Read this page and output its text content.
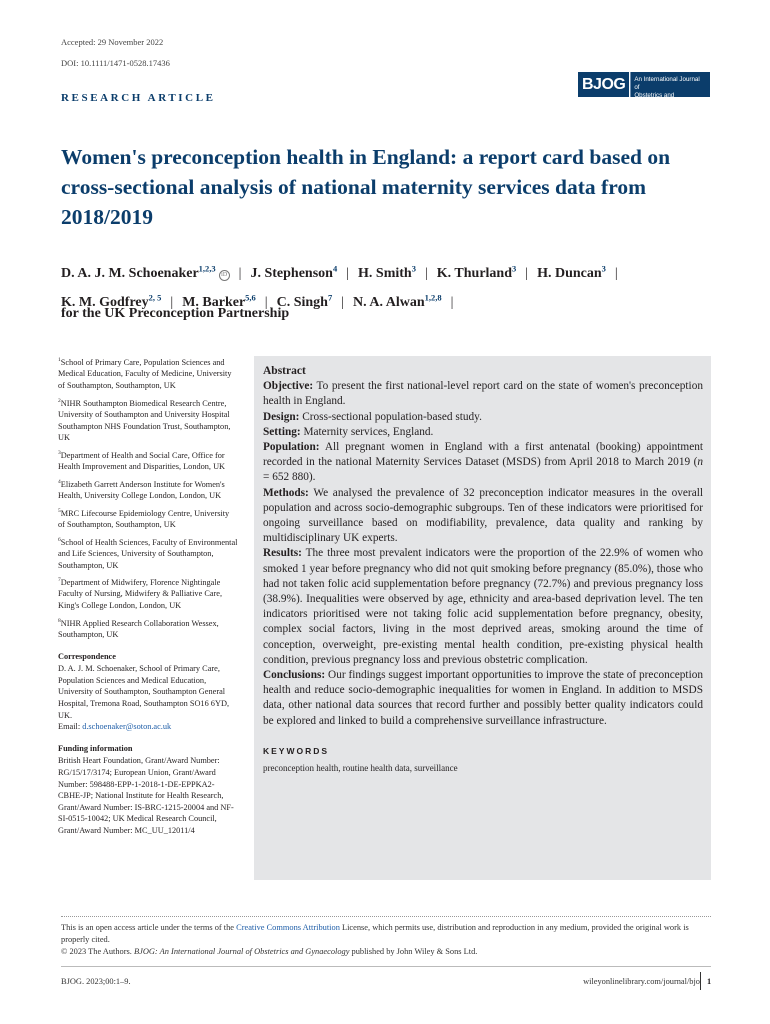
Accepted: 29 November 2022
DOI: 10.1111/1471-0528.17436
BJOG	An International Journal of
Obstetrics and Gynaecology
RESEARCH ARTICLE
Women's preconception health in England: a report card based on cross-sectional analysis of national maternity services data from 2018/2019
D. A. J. M. Schoenaker$^{1,2,3}$iD | J. Stephenson$^4$ | H. Smith$^3$ | K. Thurland$^3$ | H. Duncan$^3$ |
K. M. Godfrey$^{2, 5}$ | M. Barker$^{5,6}$ | C. Singh$^7$ | N. A. Alwan$^{1,2,8}$ |
for the UK Preconception Partnership

$^1$School of Primary Care, Population Sciences and Medical Education, Faculty of Medicine, University of Southampton, Southampton, UK

$^2$NIHR Southampton Biomedical Research Centre, University of Southampton and University Hospital Southampton NHS Foundation Trust, Southampton, UK

$^3$Department of Health and Social Care, Office for Health Improvement and Disparities, London, UK

$^4$Elizabeth Garrett Anderson Institute for Women's Health, University College London, London, UK

$^5$MRC Lifecourse Epidemiology Centre, University of Southampton, Southampton, UK

$^6$School of Health Sciences, Faculty of Environmental and Life Sciences, University of Southampton, Southampton, UK

$^7$Department of Midwifery, Florence Nightingale Faculty of Nursing, Midwifery & Palliative Care, King's College London, London, UK

$^8$NIHR Applied Research Collaboration Wessex, Southampton, UK

Correspondence

D. A. J. M. Schoenaker, School of Primary Care, Population Sciences and Medical Education, University of Southampton, Southampton General Hospital, Tremona Road, Southampton SO16 6YD, UK.

Email: d.schoenaker@soton.ac.uk

Funding information

British Heart Foundation, Grant/Award Number: RG/15/17/3174; European Union, Grant/Award Number: 598488-EPP-1-2018-1-DE-EPPKA2-CBHE-JP; National Institute for Health Research, Grant/Award Number: IS-BRC-1215-20004 and NF-SI-0515-10042; UK Medical Research Council, Grant/Award Number: MC_UU_12011/4

Abstract

Objective: To present the first national-level report card on the state of women's preconception health in England.

Design: Cross-sectional population-based study.

Setting: Maternity services, England.

Population: All pregnant women in England with a first antenatal (booking) appointment recorded in the national Maternity Services Dataset (MSDS) from April 2018 to March 2019 (n = 652 880).

Methods: We analysed the prevalence of 32 preconception indicator measures in the overall population and across socio-demographic subgroups. Ten of these indicators were prioritised for ongoing surveillance based on modifiability, prevalence, data quality and ranking by multidisciplinary UK experts.

Results: The three most prevalent indicators were the proportion of the 22.9% of women who smoked 1 year before pregnancy who did not quit smoking before pregnancy (85.0%), those who had not taken folic acid supplementation before pregnancy (72.7%) and previous pregnancy loss (38.9%). Inequalities were observed by age, ethnicity and area-based deprivation level. The ten indicators prioritised were not taking folic acid supplementation before pregnancy, obesity, complex social factors, living in the most deprived areas, smoking around the time of conception, overweight, pre-existing mental health condition, pre-existing physical health condition, previous pregnancy loss and previous obstetric complication.

Conclusions: Our findings suggest important opportunities to improve the state of preconception health and reduce socio-demographic inequalities for women in England. In addition to MSDS data, other national data sources that record further and possibly better quality indicators could be explored and linked to build a comprehensive surveillance infrastructure.

KEYWORDS

preconception health, routine health data, surveillance

This is an open access article under the terms of the Creative Commons Attribution License, which permits use, distribution and reproduction in any medium, provided the original work is properly cited.
© 2023 The Authors. BJOG: An International Journal of Obstetrics and Gynaecology published by John Wiley & Sons Ltd.
BJOG. 2023;00:1–9.	wileyonlinelibrary.com/journal/bjo 1
